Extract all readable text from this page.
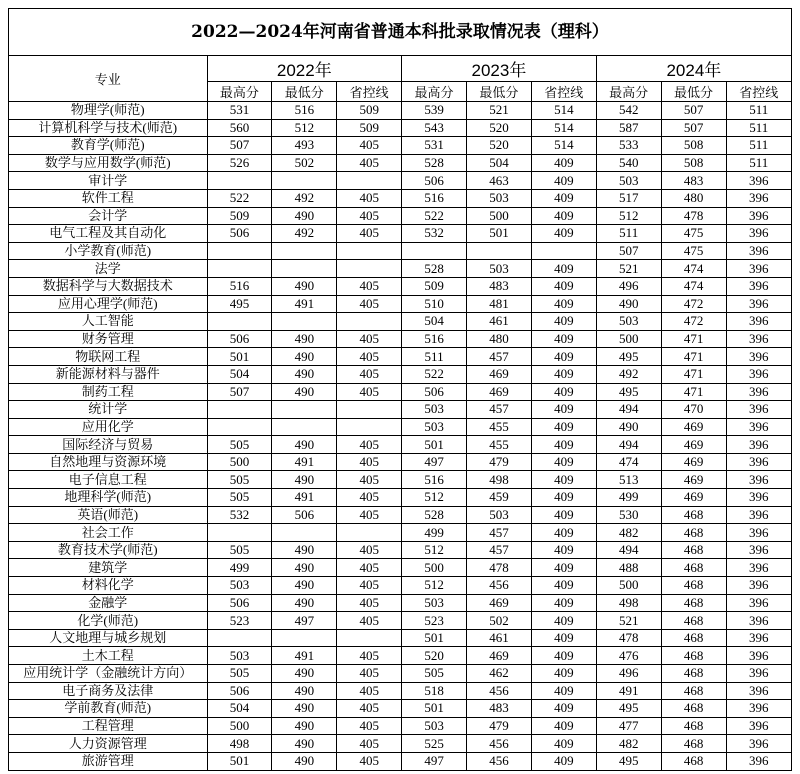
2022—2024年河南省普通本科批录取情况表（理科）
专业	2022年			2023年			2024年		
	最高分	最低分	省控线	最高分	最低分	省控线	最高分	最低分	省控线
物理学(师范)	531	516	509	539	521	514	542	507	511
计算机科学与技术(师范)	560	512	509	543	520	514	587	507	511
教育学(师范)	507	493	405	531	520	514	533	508	511
数学与应用数学(师范)	526	502	405	528	504	409	540	508	511
审计学				506	463	409	503	483	396
软件工程	522	492	405	516	503	409	517	480	396
会计学	509	490	405	522	500	409	512	478	396
电气工程及其自动化	506	492	405	532	501	409	511	475	396
小学教育(师范)							507	475	396
法学				528	503	409	521	474	396
数据科学与大数据技术	516	490	405	509	483	409	496	474	396
应用心理学(师范)	495	491	405	510	481	409	490	472	396
人工智能				504	461	409	503	472	396
财务管理	506	490	405	516	480	409	500	471	396
物联网工程	501	490	405	511	457	409	495	471	396
新能源材料与器件	504	490	405	522	469	409	492	471	396
制药工程	507	490	405	506	469	409	495	471	396
统计学				503	457	409	494	470	396
应用化学				503	455	409	490	469	396
国际经济与贸易	505	490	405	501	455	409	494	469	396
自然地理与资源环境	500	491	405	497	479	409	474	469	396
电子信息工程	505	490	405	516	498	409	513	469	396
地理科学(师范)	505	491	405	512	459	409	499	469	396
英语(师范)	532	506	405	528	503	409	530	468	396
社会工作				499	457	409	482	468	396
教育技术学(师范)	505	490	405	512	457	409	494	468	396
建筑学	499	490	405	500	478	409	488	468	396
材料化学	503	490	405	512	456	409	500	468	396
金融学	506	490	405	503	469	409	498	468	396
化学(师范)	523	497	405	523	502	409	521	468	396
人文地理与城乡规划				501	461	409	478	468	396
土木工程	503	491	405	520	469	409	476	468	396
应用统计学（金融统计方向）	505	490	405	505	462	409	496	468	396
电子商务及法律	506	490	405	518	456	409	491	468	396
学前教育(师范)	504	490	405	501	483	409	495	468	396
工程管理	500	490	405	503	479	409	477	468	396
人力资源管理	498	490	405	525	456	409	482	468	396
旅游管理	501	490	405	497	456	409	495	468	396
